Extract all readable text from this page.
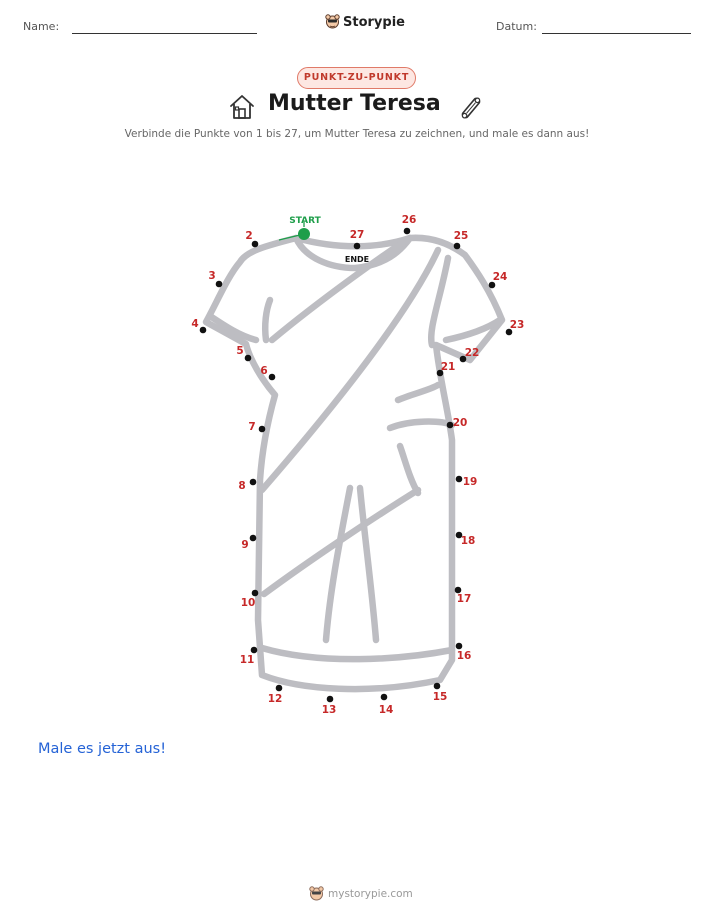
Name:	Storypie	Datum:
PUNKT-ZU-PUNKT
Mutter Teresa
Verbinde die Punkte von 1 bis 27, um Mutter Teresa zu zeichnen, und male es dann aus!
START
ENDE
2
3
4
5
6
7
8
9
10
11
12
13	14
15
16
17
18
19
20
21
22
23
24
25
26
27
Male es jetzt aus!
mystorypie.com
